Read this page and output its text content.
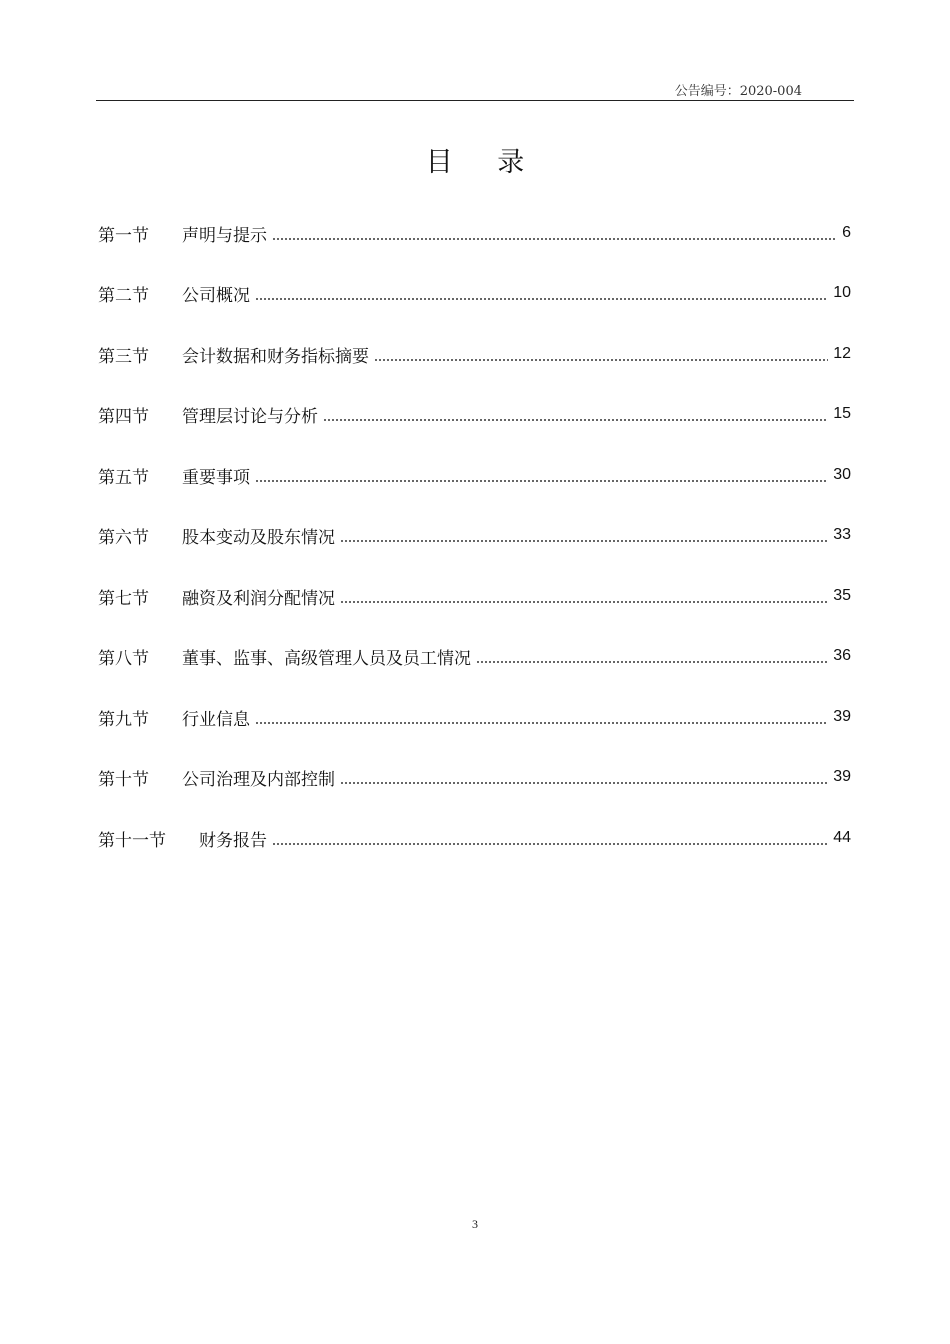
公告编号：2020-004
目 录
第一节	声明与提示	6
第二节	公司概况	10
第三节	会计数据和财务指标摘要	12
第四节	管理层讨论与分析	15
第五节	重要事项	30
第六节	股本变动及股东情况	33
第七节	融资及利润分配情况	35
第八节	董事、监事、高级管理人员及员工情况	36
第九节	行业信息	39
第十节	公司治理及内部控制	39
第十一节	财务报告	44
3
